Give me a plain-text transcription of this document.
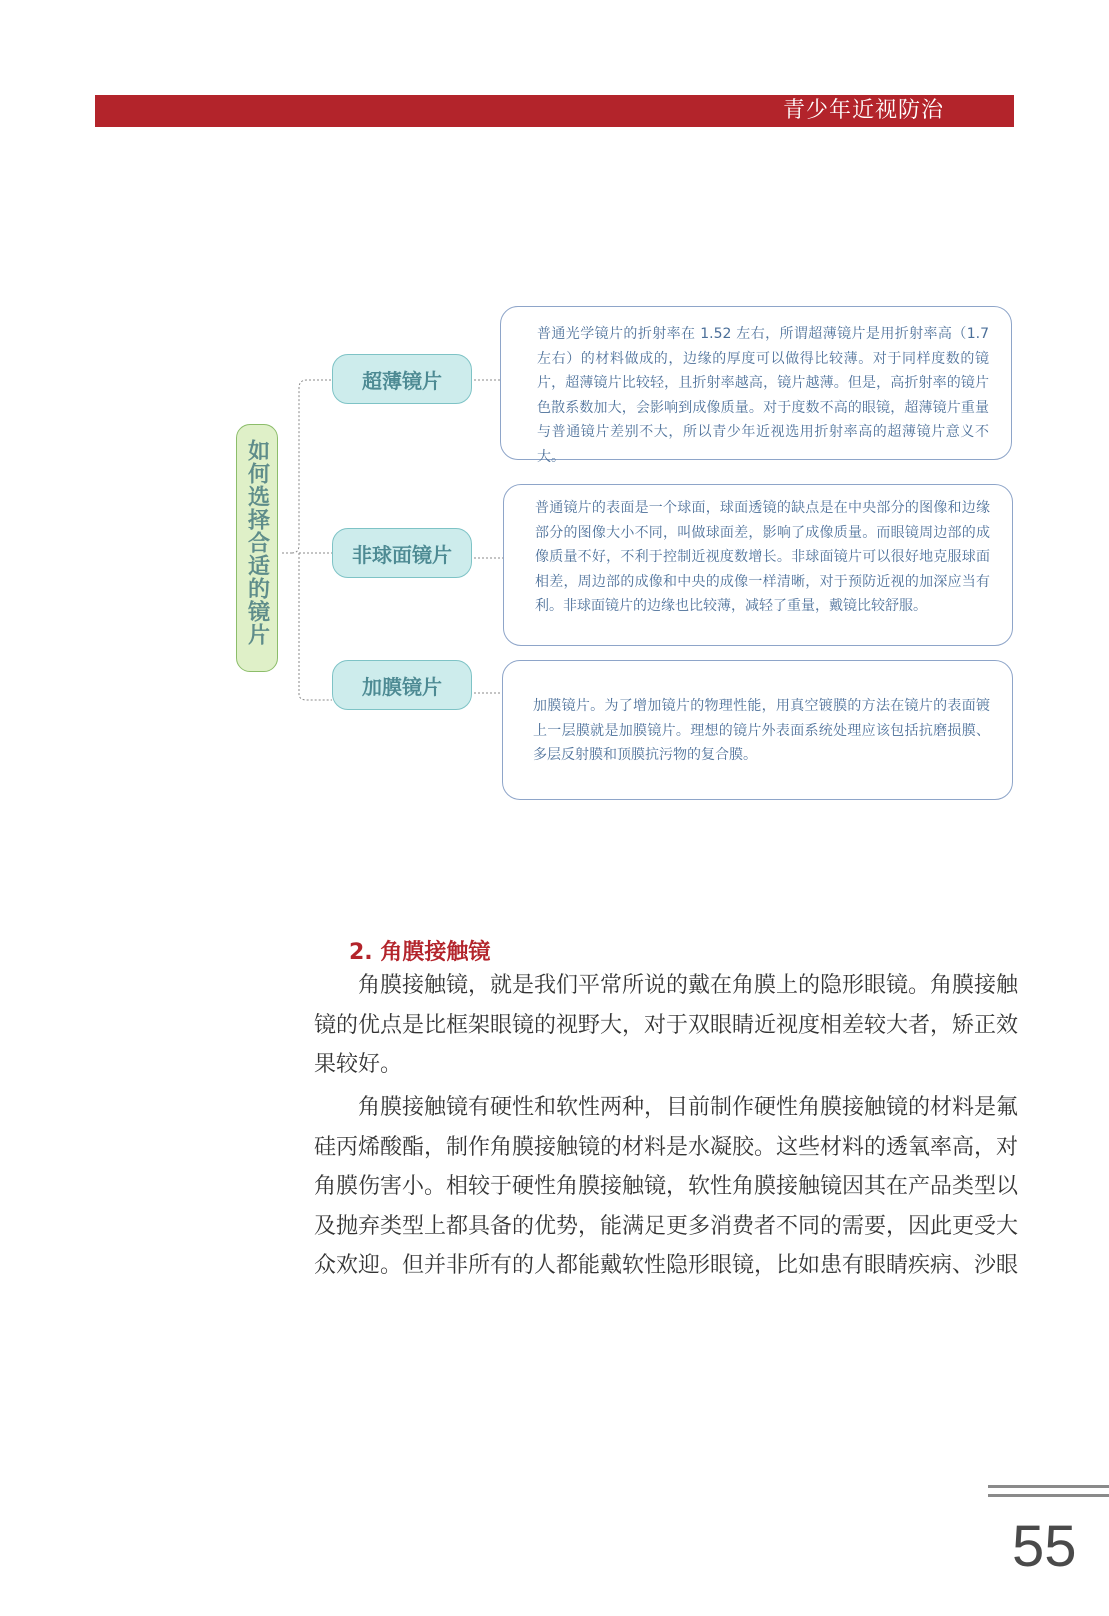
青少年近视防治
如何选择合适的镜片
超薄镜片
非球面镜片
加膜镜片
普通光学镜片的折射率在 1.52 左右，所谓超薄镜片是用折射率高（1.7 左右）的材料做成的，边缘的厚度可以做得比较薄。对于同样度数的镜片，超薄镜片比较轻，且折射率越高，镜片越薄。但是，高折射率的镜片色散系数加大，会影响到成像质量。对于度数不高的眼镜，超薄镜片重量与普通镜片差别不大，所以青少年近视选用折射率高的超薄镜片意义不大。
普通镜片的表面是一个球面，球面透镜的缺点是在中央部分的图像和边缘部分的图像大小不同，叫做球面差，影响了成像质量。而眼镜周边部的成像质量不好，不利于控制近视度数增长。非球面镜片可以很好地克服球面相差，周边部的成像和中央的成像一样清晰，对于预防近视的加深应当有利。非球面镜片的边缘也比较薄，减轻了重量，戴镜比较舒服。
加膜镜片。为了增加镜片的物理性能，用真空镀膜的方法在镜片的表面镀上一层膜就是加膜镜片。理想的镜片外表面系统处理应该包括抗磨损膜、多层反射膜和顶膜抗污物的复合膜。
2. 角膜接触镜

角膜接触镜，就是我们平常所说的戴在角膜上的隐形眼镜。角膜接触镜的优点是比框架眼镜的视野大，对于双眼睛近视度相差较大者，矫正效果较好。

角膜接触镜有硬性和软性两种，目前制作硬性角膜接触镜的材料是氟硅丙烯酸酯，制作角膜接触镜的材料是水凝胶。这些材料的透氧率高，对角膜伤害小。相较于硬性角膜接触镜，软性角膜接触镜因其在产品类型以及抛弃类型上都具备的优势，能满足更多消费者不同的需要，因此更受大众欢迎。但并非所有的人都能戴软性隐形眼镜，比如患有眼睛疾病、沙眼

55
